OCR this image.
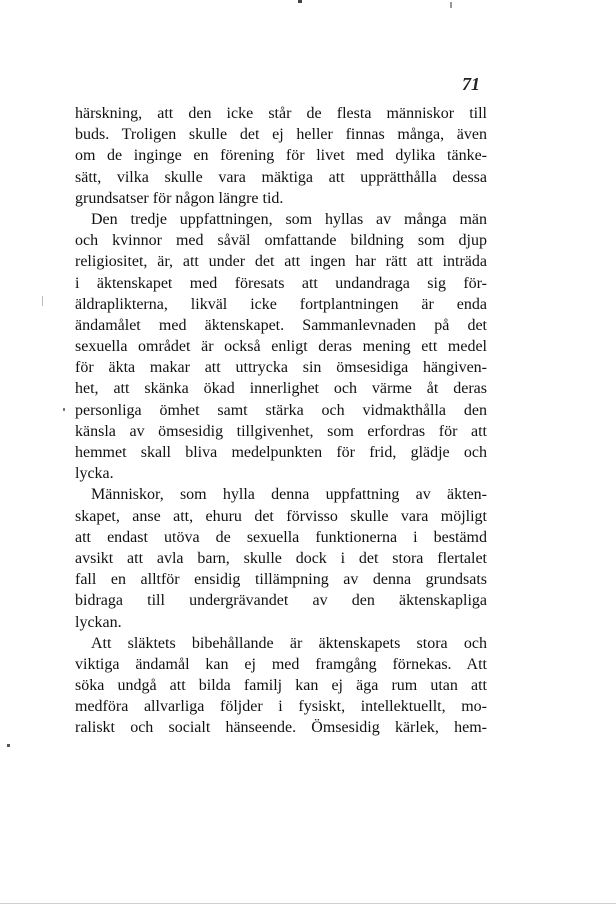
71
härskning, att den icke står de flesta människor till
buds. Troligen skulle det ej heller finnas många, även
om de inginge en förening för livet med dylika tänke-
sätt, vilka skulle vara mäktiga att upprätthålla dessa
grundsatser för någon längre tid.
Den tredje uppfattningen, som hyllas av många män
och kvinnor med såväl omfattande bildning som djup
religiositet, är, att under det att ingen har rätt att inträda
i äktenskapet med föresats att undandraga sig för-
äldraplikterna, likväl icke fortplantningen är enda
ändamålet med äktenskapet. Sammanlevnaden på det
sexuella området är också enligt deras mening ett medel
för äkta makar att uttrycka sin ömsesidiga hängiven-
het, att skänka ökad innerlighet och värme åt deras
personliga ömhet samt stärka och vidmakthålla den
känsla av ömsesidig tillgivenhet, som erfordras för att
hemmet skall bliva medelpunkten för frid, glädje och
lycka.
Människor, som hylla denna uppfattning av äkten-
skapet, anse att, ehuru det förvisso skulle vara möjligt
att endast utöva de sexuella funktionerna i bestämd
avsikt att avla barn, skulle dock i det stora flertalet
fall en alltför ensidig tillämpning av denna grundsats
bidraga till undergrävandet av den äktenskapliga
lyckan.
Att släktets bibehållande är äktenskapets stora och
viktiga ändamål kan ej med framgång förnekas. Att
söka undgå att bilda familj kan ej äga rum utan att
medföra allvarliga följder i fysiskt, intellektuellt, mo-
raliskt och socialt hänseende. Ömsesidig kärlek, hem-
